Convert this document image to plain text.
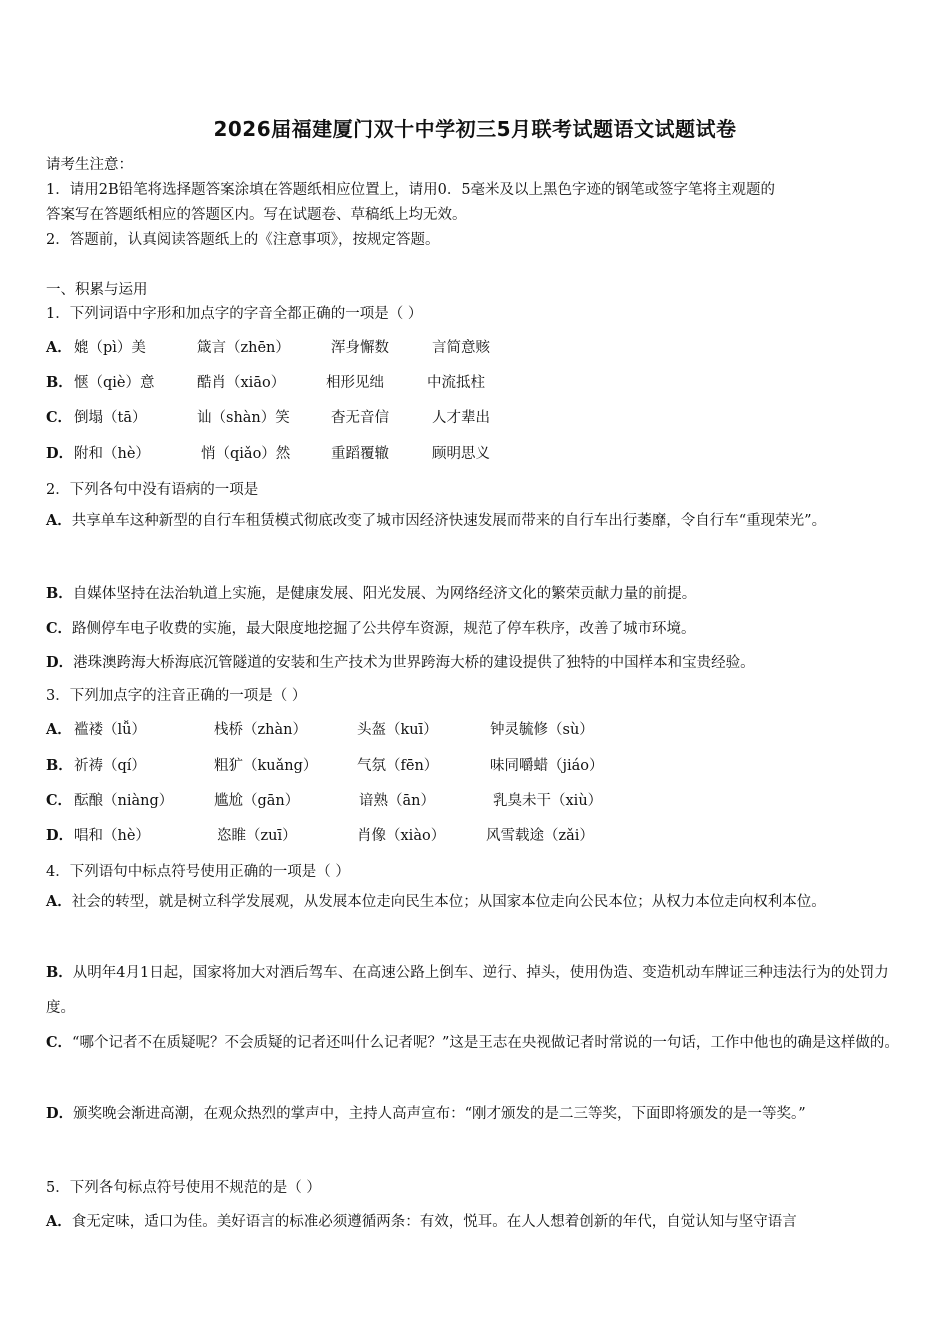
2026届福建厦门双十中学初三5月联考试题语文试题试卷
请考生注意：
1．请用2B铅笔将选择题答案涂填在答题纸相应位置上，请用0．5毫米及以上黑色字迹的钢笔或签字笔将主观题的
答案写在答题纸相应的答题区内。写在试题卷、草稿纸上均无效。
2．答题前，认真阅读答题纸上的《注意事项》，按规定答题。
一、积累与运用
1．下列词语中字形和加点字的字音全都正确的一项是（ ）
A． 媲（pì）美	箴言（zhēn）	浑身懈数	言简意赅
B． 惬（qiè）意	酷肖（xiāo）	相形见绌	中流抵柱
C． 倒塌（tā）	讪（shàn）笑	杳无音信	人才辈出
D． 附和（hè）	悄（qiǎo）然	重蹈覆辙	顾明思义
2．下列各句中没有语病的一项是
A．共享单车这种新型的自行车租赁模式彻底改变了城市因经济快速发展而带来的自行车出行萎靡，令自行车“重现荣光”。
B．自媒体坚持在法治轨道上实施，是健康发展、阳光发展、为网络经济文化的繁荣贡献力量的前提。
C．路侧停车电子收费的实施，最大限度地挖掘了公共停车资源，规范了停车秩序，改善了城市环境。
D．港珠澳跨海大桥海底沉管隧道的安装和生产技术为世界跨海大桥的建设提供了独特的中国样本和宝贵经验。
3．下列加点字的注音正确的一项是（ ）
A． 褴褛（lǚ）	栈桥（zhàn）	头盔（kuī）	钟灵毓修（sù）
B． 祈祷（qí）	粗犷（kuǎng）	气氛（fēn）	味同嚼蜡（jiáo）
C． 酝酿（niàng）	尴尬（gān）	谙熟（ān）	乳臭未干（xiù）
D． 唱和（hè）	恣睢（zuī）	肖像（xiào）	风雪载途（zǎi）
4．下列语句中标点符号使用正确的一项是（ ）
A．社会的转型，就是树立科学发展观，从发展本位走向民生本位；从国家本位走向公民本位；从权力本位走向权利本位。
B．从明年4月1日起，国家将加大对酒后驾车、在高速公路上倒车、逆行、掉头，使用伪造、变造机动车牌证三种违法行为的处罚力度。
C．“哪个记者不在质疑呢？不会质疑的记者还叫什么记者呢？”这是王志在央视做记者时常说的一句话，工作中他也的确是这样做的。
D．颁奖晚会渐进高潮，在观众热烈的掌声中，主持人高声宣布：“刚才颁发的是二三等奖，下面即将颁发的是一等奖。”
5．下列各句标点符号使用不规范的是（ ）
A．食无定味，适口为佳。美好语言的标准必须遵循两条：有效，悦耳。在人人想着创新的年代，自觉认知与坚守语言
